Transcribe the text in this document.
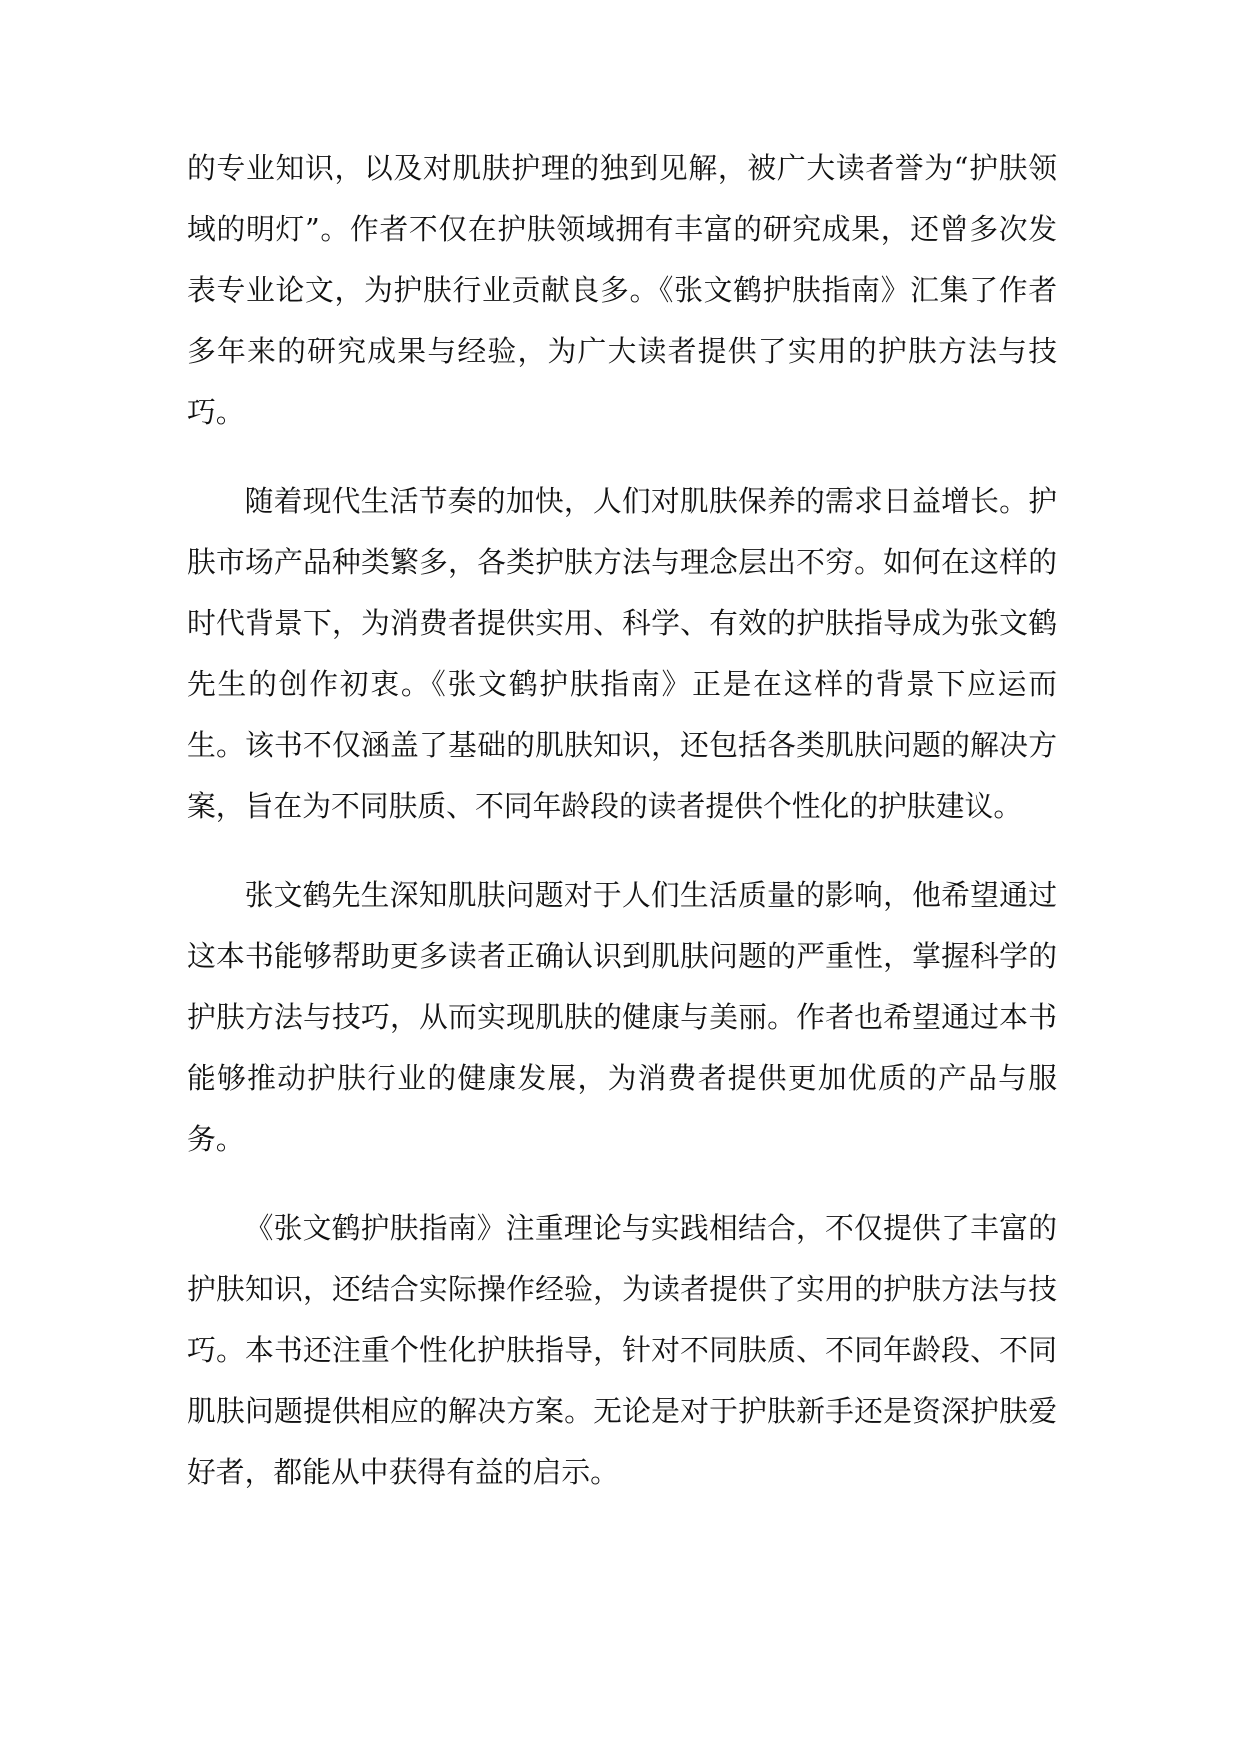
的专业知识，以及对肌肤护理的独到见解，被广大读者誉为“护肤领域的明灯”。作者不仅在护肤领域拥有丰富的研究成果，还曾多次发表专业论文，为护肤行业贡献良多。《张文鹤护肤指南》汇集了作者多年来的研究成果与经验，为广大读者提供了实用的护肤方法与技巧。

随着现代生活节奏的加快，人们对肌肤保养的需求日益增长。护肤市场产品种类繁多，各类护肤方法与理念层出不穷。如何在这样的时代背景下，为消费者提供实用、科学、有效的护肤指导成为张文鹤先生的创作初衷。《张文鹤护肤指南》正是在这样的背景下应运而生。该书不仅涵盖了基础的肌肤知识，还包括各类肌肤问题的解决方案，旨在为不同肤质、不同年龄段的读者提供个性化的护肤建议。

张文鹤先生深知肌肤问题对于人们生活质量的影响，他希望通过这本书能够帮助更多读者正确认识到肌肤问题的严重性，掌握科学的护肤方法与技巧，从而实现肌肤的健康与美丽。作者也希望通过本书能够推动护肤行业的健康发展，为消费者提供更加优质的产品与服务。

《张文鹤护肤指南》注重理论与实践相结合，不仅提供了丰富的护肤知识，还结合实际操作经验，为读者提供了实用的护肤方法与技巧。本书还注重个性化护肤指导，针对不同肤质、不同年龄段、不同肌肤问题提供相应的解决方案。无论是对于护肤新手还是资深护肤爱好者，都能从中获得有益的启示。
